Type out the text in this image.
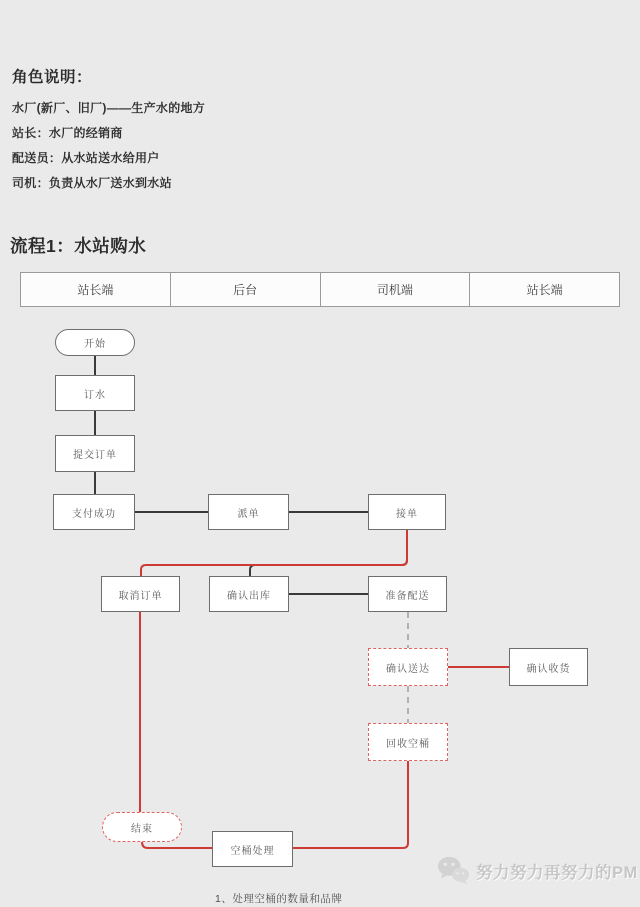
角色说明：
水厂(新厂、旧厂)——生产水的地方
站长：水厂的经销商
配送员：从水站送水给用户
司机：负责从水厂送水到水站
流程1：水站购水
站长端	后台	司机端	站长端
开始
订水
提交订单
支付成功	派单	接单
取消订单	确认出库	准备配送
确认送达	确认收货
回收空桶
结束
空桶处理
1、处理空桶的数量和品牌
努力努力再努力的PM
